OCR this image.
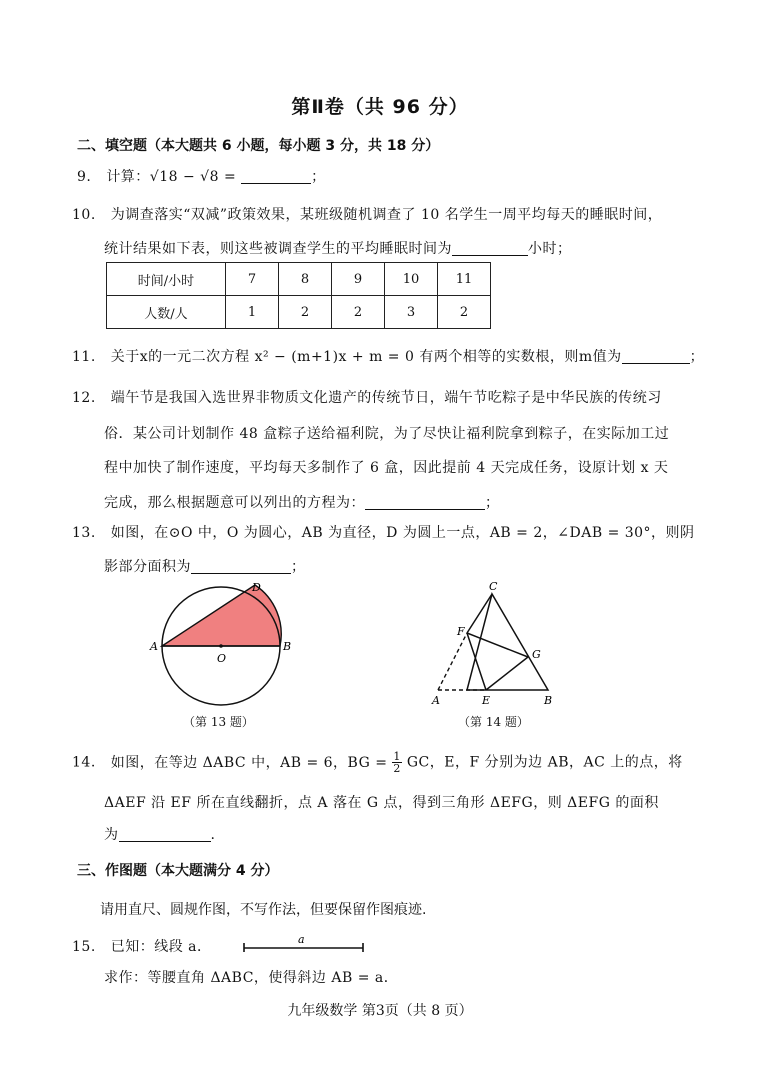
第Ⅱ卷（共 96 分）
二、填空题（本大题共 6 小题，每小题 3 分，共 18 分）
9. 计算：√18 − √8 =	；
10. 为调查落实“双减”政策效果，某班级随机调查了 10 名学生一周平均每天的睡眠时间，
统计结果如下表，则这些被调查学生的平均睡眠时间为	小时；
时间/小时	7	8	9	10	11
人数/人	1	2	2	3	2
11. 关于x的一元二次方程 x² − (m+1)x + m = 0 有两个相等的实数根，则m值为	；
12. 端午节是我国入选世界非物质文化遗产的传统节日，端午节吃粽子是中华民族的传统习
俗．某公司计划制作 48 盒粽子送给福利院，为了尽快让福利院拿到粽子，在实际加工过
程中加快了制作速度，平均每天多制作了 6 盒，因此提前 4 天完成任务，设原计划 x 天
完成，那么根据题意可以列出的方程为：	；
13. 如图，在⊙O 中，O 为圆心，AB 为直径，D 为圆上一点，AB = 2，∠DAB = 30°，则阴
影部分面积为	；
A	B
O
D
（第 13 题）
C
F
G
A	E	B
（第 14 题）
14. 如图，在等边 ΔABC 中，AB = 6，BG = $\frac{1}{2}$ GC，E，F 分别为边 AB，AC 上的点，将
ΔAEF 沿 EF 所在直线翻折，点 A 落在 G 点，得到三角形 ΔEFG，则 ΔEFG 的面积
为	.
三、作图题（本大题满分 4 分）
请用直尺、圆规作图，不写作法，但要保留作图痕迹.
15. 已知：线段 a．	a
求作：等腰直角 ΔABC，使得斜边 AB = a．
九年级数学 第3页（共 8 页）
